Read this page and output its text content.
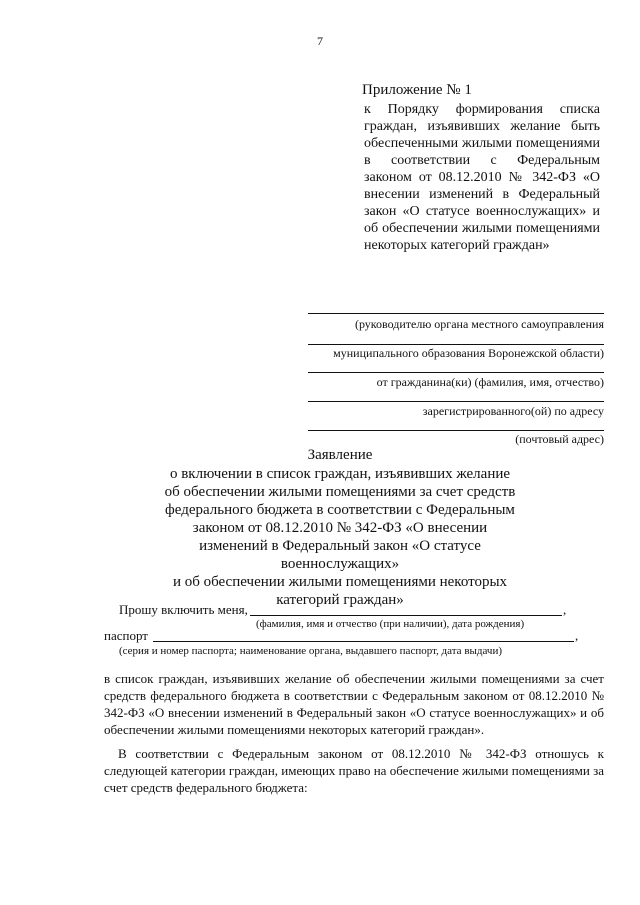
7
Приложение № 1
к Порядку формирования списка граждан, изъявивших желание быть обеспеченными жилыми помещениями в соответствии с Федеральным законом от 08.12.2010 № 342-ФЗ «О внесении изменений в Федеральный закон «О статусе военнослужащих» и об обеспечении жилыми помещениями некоторых категорий граждан»
(руководителю органа местного самоуправления
муниципального образования Воронежской области)
от гражданина(ки) (фамилия, имя, отчество)
зарегистрированного(ой) по адресу
(почтовый адрес)
Заявление
о включении в список граждан, изъявивших желание
об обеспечении жилыми помещениями за счет средств
федерального бюджета в соответствии с Федеральным
законом от 08.12.2010 № 342-ФЗ «О внесении
изменений в Федеральный закон «О статусе военнослужащих»
и об обеспечении жилыми помещениями некоторых
категорий граждан»
Прошу включить меня,	,
(фамилия, имя и отчество (при наличии), дата рождения)
паспорт	,
(серия и номер паспорта; наименование органа, выдавшего паспорт, дата выдачи)
в список граждан, изъявивших желание об обеспечении жилыми помещениями за счет средств федерального бюджета в соответствии с Федеральным законом от 08.12.2010 № 342-ФЗ «О внесении изменений в Федеральный закон «О статусе военнослужащих» и об обеспечении жилыми помещениями некоторых категорий граждан».
В соответствии с Федеральным законом от 08.12.2010 № 342-ФЗ отношусь к следующей категории граждан, имеющих право на обеспечение жилыми помещениями за счет средств федерального бюджета:
